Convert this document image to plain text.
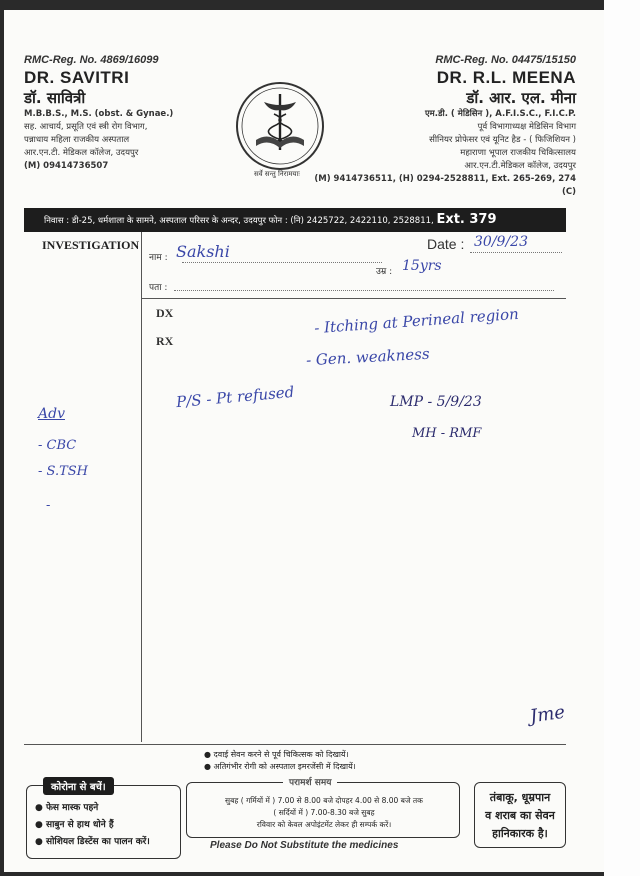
RMC-Reg. No. 4869/16099
DR. SAVITRI
डॉ. सावित्री
M.B.B.S., M.S. (obst. & Gynae.)
सह. आचार्य, प्रसूति एवं स्त्री रोग विभाग,
पन्नाधाय महिला राजकीय अस्पताल
आर.एन.टी. मेडिकल कॉलेज, उदयपुर
(M) 09414736507
सर्वे सन्तु निरामयाः
RMC-Reg. No. 04475/15150
DR. R.L. MEENA
डॉ. आर. एल. मीना
एम.डी. ( मेडिसिन ), A.F.I.S.C., F.I.C.P.
पूर्व विभागाध्यक्ष मेडिसिन विभाग
सीनियर प्रोफेसर एवं यूनिट हैड - ( फिजिशियन )
महाराणा भूपाल राजकीय चिकित्सालय
आर.एन.टी.मेडिकल कॉलेज, उदयपुर
(M) 9414736511, (H) 0294-2528811, Ext. 265-269, 274 (C)
निवास : डी-25, धर्मशाला के सामने, अस्पताल परिसर के अन्दर, उदयपुर फोन : (नि) 2425722, 2422110, 2528811, Ext. 379
INVESTIGATION
नाम : Sakshi	Date : 30/9/23
उम्र : 15yrs
पता :
DX
RX
- Itching at Perineal region
- Gen. weakness
P/S - Pt refused	LMP - 5/9/23
MH - RMF
Adv
- CBC
- S.TSH
-
Jme
● दवाई सेवन करने से पूर्व चिकित्सक को दिखायें।
● अतिगंभीर रोगी को अस्पताल इमरजेंसी में दिखायें।
कोरोना से बचें।
● फेस मास्क पहने
● साबुन से हाथ धोने हैं
● सोशियल डिस्टेंस का पालन करें।
परामर्श समय
सुबह ( गर्मियों में ) 7.00 से 8.00 बजे दोपहर 4.00 से 8.00 बजे तक
( सर्दियों में ) 7.00-8.30 बजे सुबह
रविवार को केवल अपोइंटमेंट लेकर ही सम्पर्क करें।
Please Do Not Substitute the medicines
तंबाकू, धूम्रपान
व शराब का सेवन
हानिकारक है।
